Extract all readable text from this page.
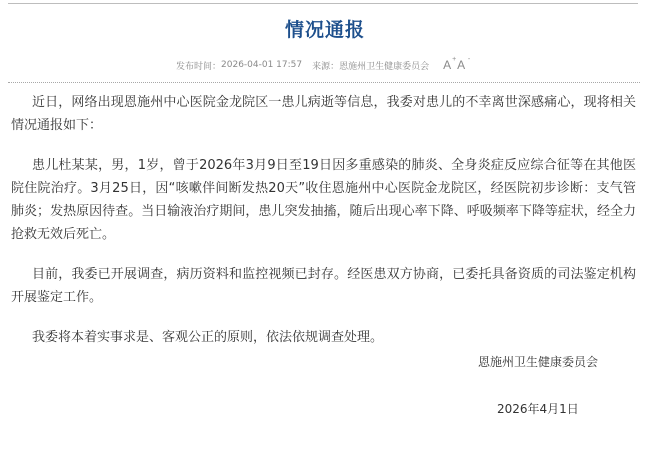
情况通报
发布时间： 2026-04-01 17:57 来源： 恩施州卫生健康委员会 A + A -

近日，网络出现恩施州中心医院金龙院区一患儿病逝等信息，我委对患儿的不幸离世深感痛心，现将相关情况通报如下：

患儿杜某某，男，1岁，曾于2026年3月9日至19日因多重感染的肺炎、全身炎症反应综合征等在其他医院住院治疗。3月25日，因“咳嗽伴间断发热20天”收住恩施州中心医院金龙院区，经医院初步诊断：支气管肺炎；发热原因待查。当日输液治疗期间，患儿突发抽搐，随后出现心率下降、呼吸频率下降等症状，经全力抢救无效后死亡。

目前，我委已开展调查，病历资料和监控视频已封存。经医患双方协商，已委托具备资质的司法鉴定机构开展鉴定工作。

我委将本着实事求是、客观公正的原则，依法依规调查处理。

恩施州卫生健康委员会
2026年4月1日
